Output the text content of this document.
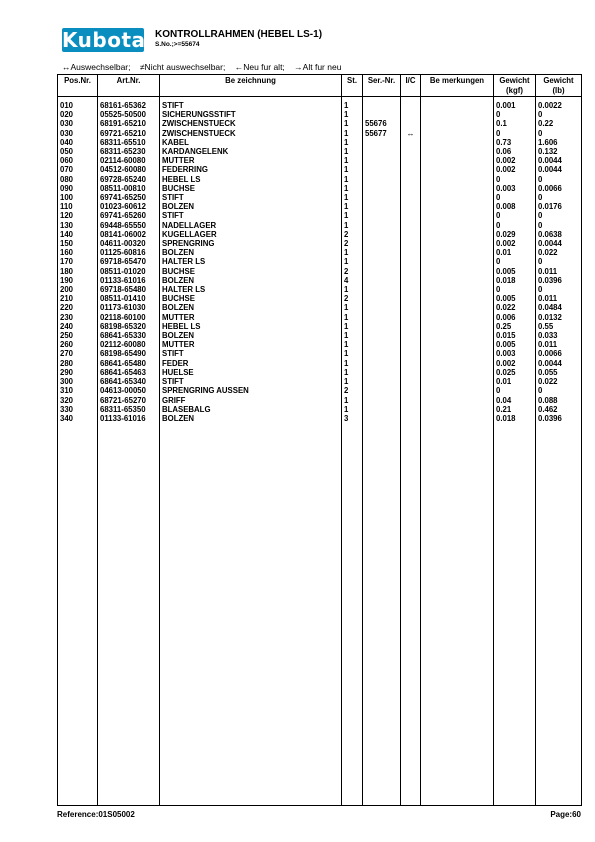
Kubota KONTROLLRAHMEN (HEBEL LS-1)
S.No.;>=55674
↔Auswechselbar; ≠Nicht auswechselbar; ←Neu fur alt; →Alt fur neu
Pos.Nr.	Art.Nr.	Be zeichnung	St.	Ser.-Nr.	I/C	Be merkungen	Gewicht (kgf)	Gewicht (lb)
010	68161-65362	STIFT	1				0.001	0.0022
020	05525-50500	SICHERUNGSSTIFT	1				0	0
030	68191-65210	ZWISCHENSTUECK	1	55676			0.1	0.22
030	69721-65210	ZWISCHENSTUECK	1	55677	↔		0	0
040	68311-65510	KABEL	1				0.73	1.606
050	68311-65230	KARDANGELENK	1				0.06	0.132
060	02114-60080	MUTTER	1				0.002	0.0044
070	04512-60080	FEDERRING	1				0.002	0.0044
080	69728-65240	HEBEL LS	1				0	0
090	08511-00810	BUCHSE	1				0.003	0.0066
100	69741-65250	STIFT	1				0	0
110	01023-60612	BOLZEN	1				0.008	0.0176
120	69741-65260	STIFT	1				0	0
130	69448-65550	NADELLAGER	1				0	0
140	08141-06002	KUGELLAGER	2				0.029	0.0638
150	04611-00320	SPRENGRING	2				0.002	0.0044
160	01125-60816	BOLZEN	1				0.01	0.022
170	69718-65470	HALTER LS	1				0	0
180	08511-01020	BUCHSE	2				0.005	0.011
190	01133-61016	BOLZEN	4				0.018	0.0396
200	69718-65480	HALTER LS	1				0	0
210	08511-01410	BUCHSE	2				0.005	0.011
220	01173-61030	BOLZEN	1				0.022	0.0484
230	02118-60100	MUTTER	1				0.006	0.0132
240	68198-65320	HEBEL LS	1				0.25	0.55
250	68641-65330	BOLZEN	1				0.015	0.033
260	02112-60080	MUTTER	1				0.005	0.011
270	68198-65490	STIFT	1				0.003	0.0066
280	68641-65480	FEDER	1				0.002	0.0044
290	68641-65463	HUELSE	1				0.025	0.055
300	68641-65340	STIFT	1				0.01	0.022
310	04613-00050	SPRENGRING AUSSEN	2				0	0
320	68721-65270	GRIFF	1				0.04	0.088
330	68311-65350	BLASEBALG	1				0.21	0.462
340	01133-61016	BOLZEN	3				0.018	0.0396

Reference:01S05002	Page:60
